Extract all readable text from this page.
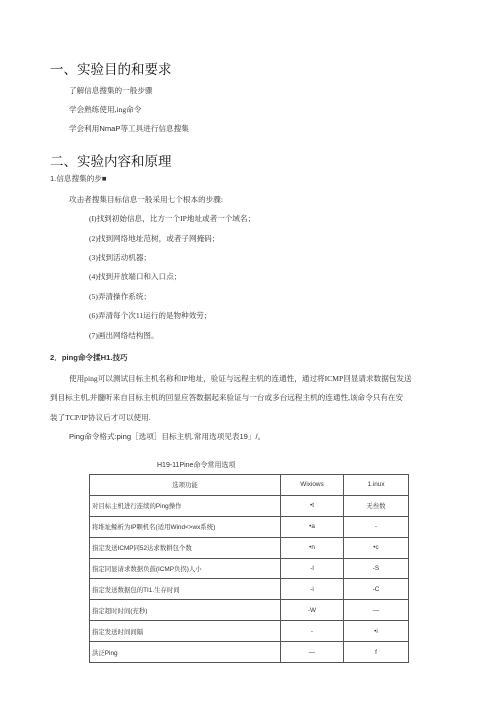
一、实验目的和要求
了解信息搜集的一般步骤
学会熟练使用,ing命令
学会利用NmaP等工具进行信息搜集
二、实验内容和原理
1.信息搜集的步■
攻击者搜集目标信息一般采用七个根本的步骤:
(I)找到初始信息，比方一个IP地址或者一个域名；
(2)找到网络地址范树，或者子网掩码；
(3)找到活动机器；
(4)找到开放端口和入口点；
(5)弄清操作系统；
(6)弄清每个次11运行的是物种效劳；
(7)画出网络结构图。
2．ping命令揉H1.技巧
使用ping可以测试目标主机名称和IP地址，验证与远程主机的连通性，通过将ICMP回显请求数据包发送
到目标主机,并髓听来自目标主机的回显应答数据起来验证与一台或多台远程主机的连通性,该命令只有在安
装了TCP/IP协议后才可以使用.
Ping命令格式:ping［选项］目标主机.常用选项见表19」/。
H19-11Pine命令常用选项
选项功能	Wixiows	1.inux
对目标主机进行连续的Ping操作	•t	无叁数
将堆址鲧析为IP颗机名(适用Wind<>wx系统)	•a	-
指定发送ICMP同52达求数耕包个数	•n	•c
指定同显请求数据负鼓(ICMP负拐)人小	-l	-S
指定发送数据包的TI1.生存时间	-i	-C
指定超时时间(充秒)	-W	—
指定发送时间间隔	-	•i
洪泛Ping	—	f
